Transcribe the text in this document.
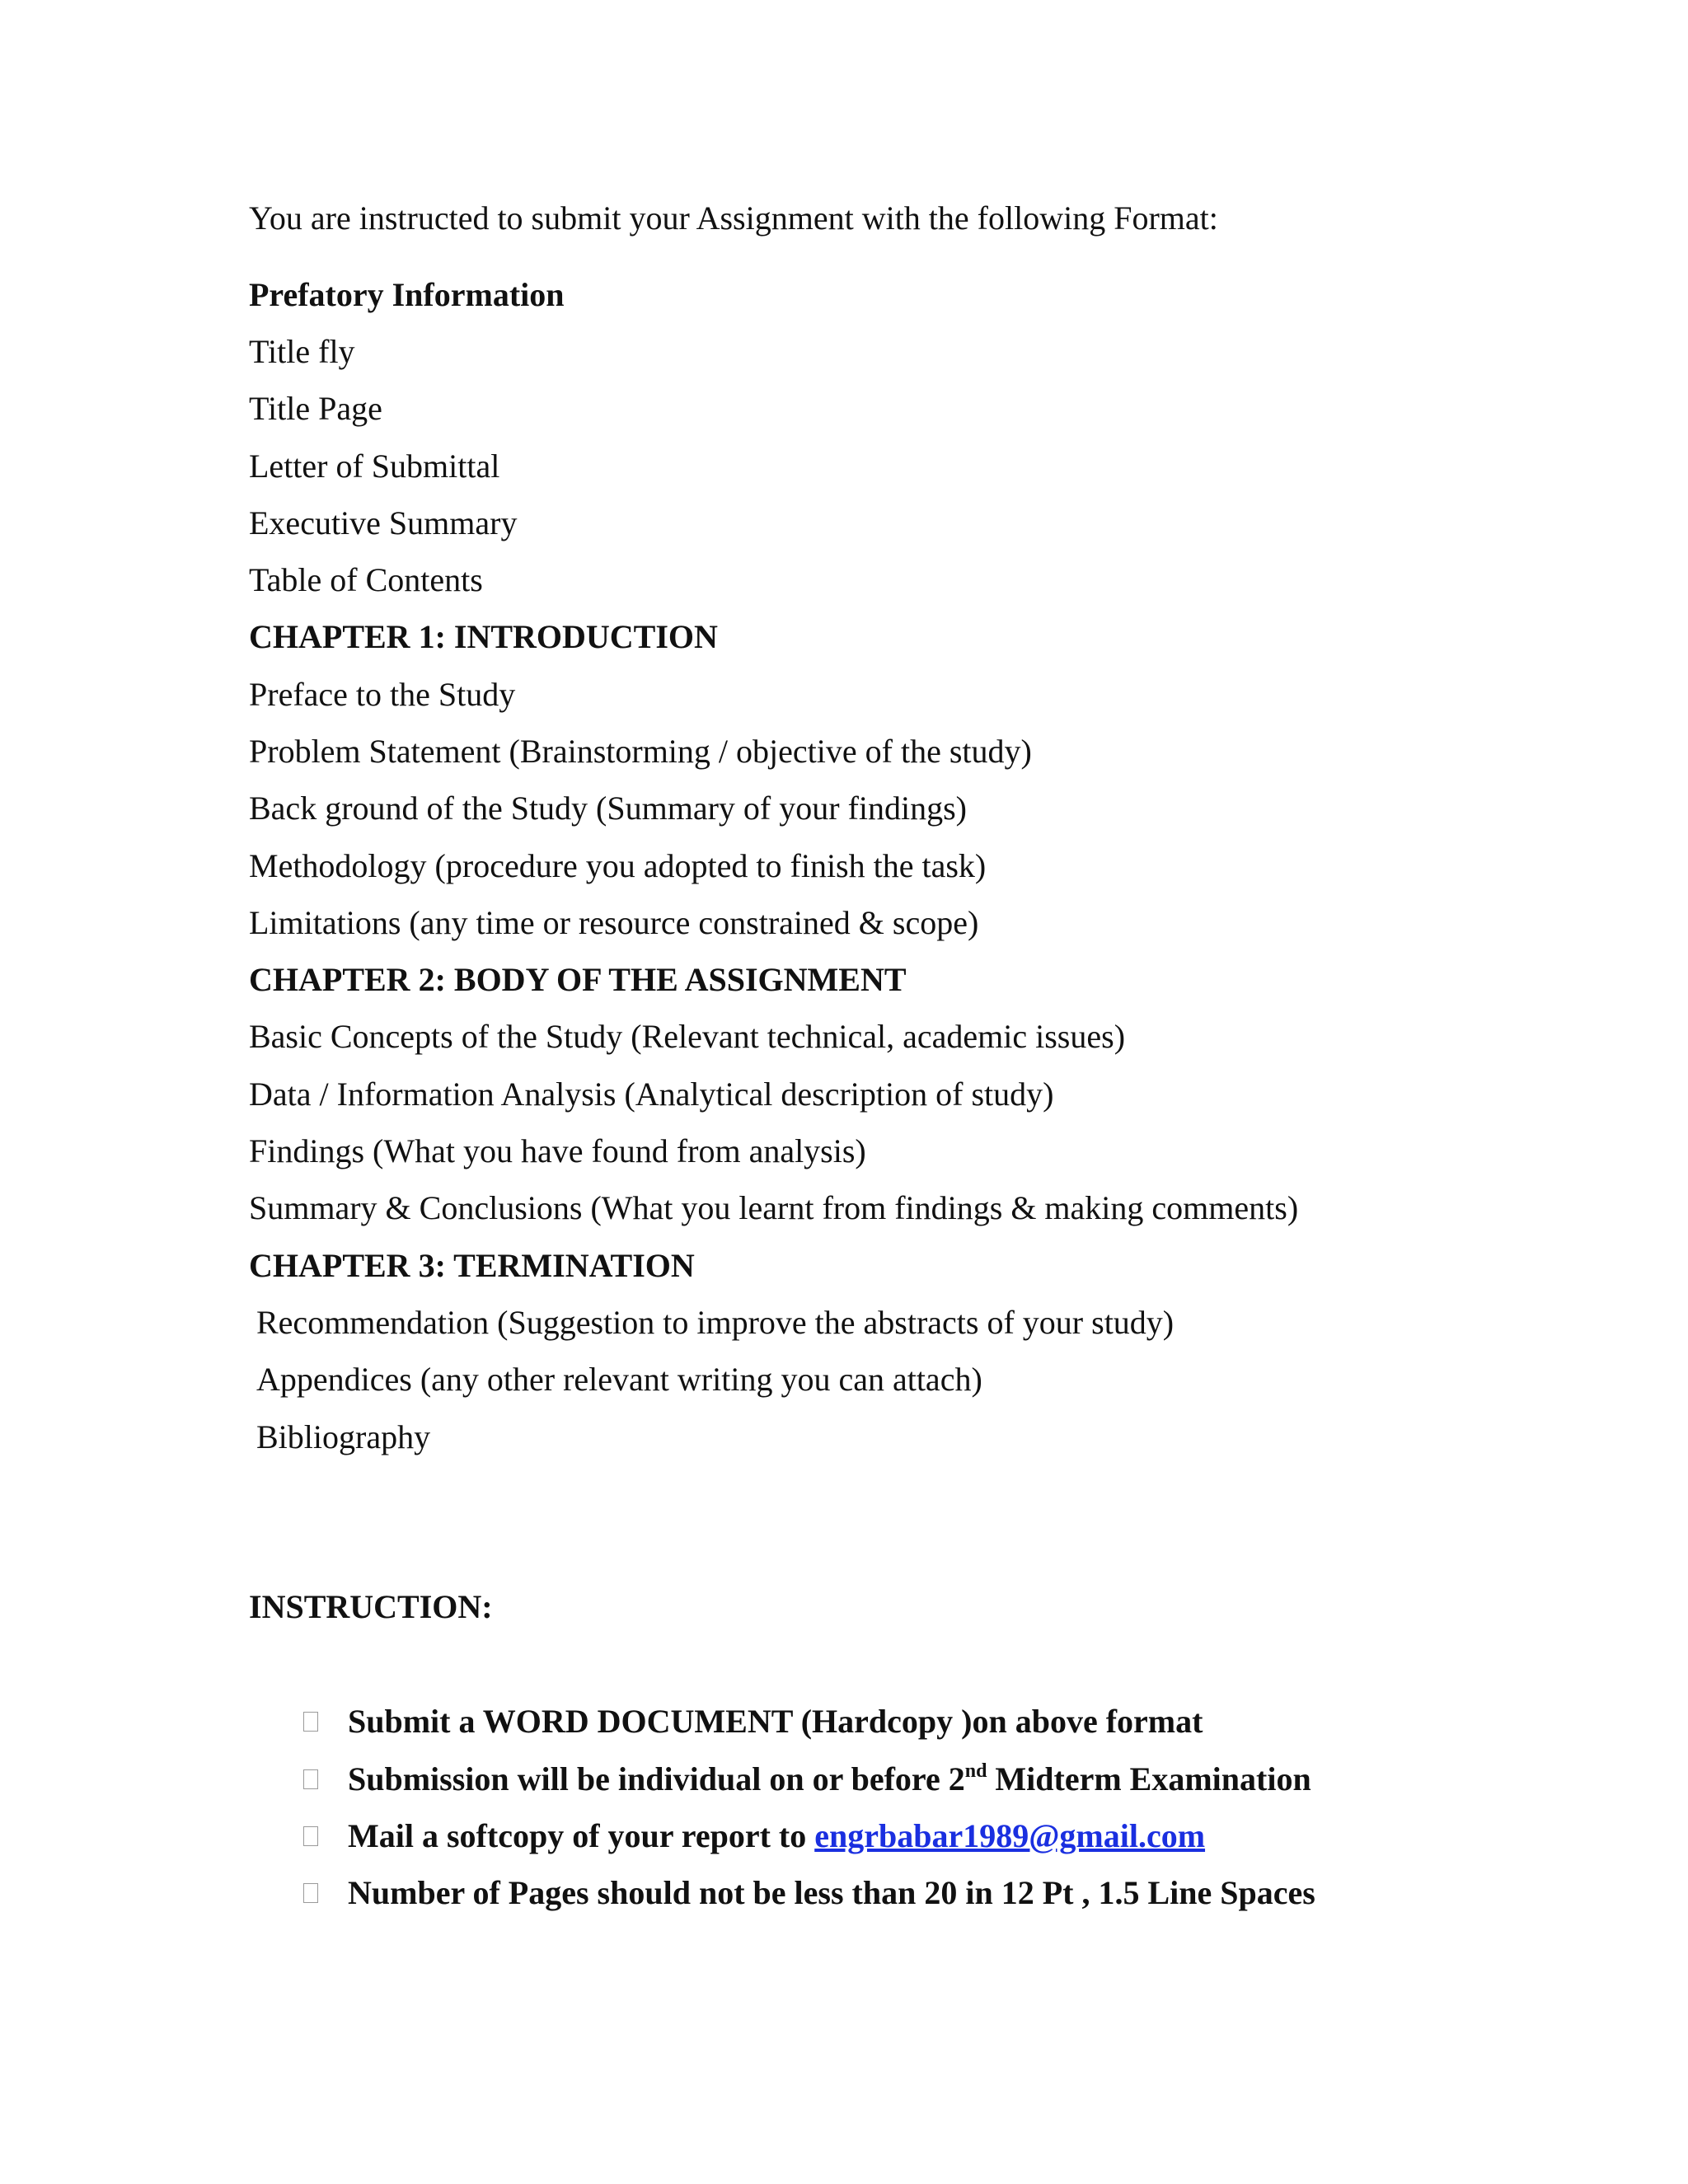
You are instructed to submit your Assignment with the following Format:
Prefatory Information
Title fly
Title Page
Letter of Submittal
Executive Summary
Table of Contents
CHAPTER 1: INTRODUCTION
Preface to the Study
Problem Statement (Brainstorming / objective of the study)
Back ground of the Study (Summary of your findings)
Methodology (procedure you adopted to finish the task)
Limitations (any time or resource constrained & scope)
CHAPTER 2: BODY OF THE ASSIGNMENT
Basic Concepts of the Study (Relevant technical, academic issues)
Data / Information Analysis (Analytical description of study)
Findings (What you have found from analysis)
Summary & Conclusions (What you learnt from findings & making comments)
CHAPTER 3: TERMINATION
Recommendation (Suggestion to improve the abstracts of your study)
Appendices (any other relevant writing you can attach)
Bibliography
INSTRUCTION:
Submit a WORD DOCUMENT (Hardcopy )on above format
Submission will be individual on or before 2nd Midterm Examination
Mail a softcopy of your report to engrbabar1989@gmail.com
Number of Pages should not be less than 20 in 12 Pt , 1.5 Line Spaces
